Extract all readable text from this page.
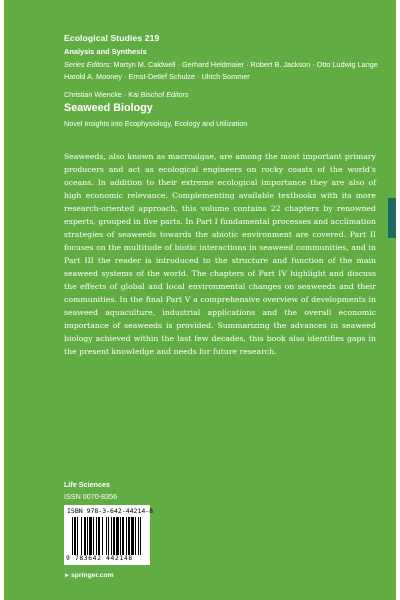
Ecological Studies 219
Analysis and Synthesis
Series Editors: Martyn M. Caldwell · Gerhard Heldmaier · Robert B. Jackson · Otto Ludwig Lange
Harold A. Mooney · Ernst-Detlef Schulze · Ulrich Sommer
Christian Wiencke · Kai Bischof Editors
Seaweed Biology
Novel Insights into Ecophysiology, Ecology and Utilization

Seaweeds, also known as macroalgae, are among the most important primary producers and act as ecological engineers on rocky coasts of the world's oceans. In addition to their extreme ecological importance they are also of high economic relevance. Complementing available textbooks with its more research-oriented approach, this volume contains 22 chapters by renowned experts, grouped in five parts. In Part I fundamental processes and acclimation strategies of seaweeds towards the abiotic environment are covered. Part II focuses on the multitude of biotic interactions in seaweed communities, and in Part III the reader is introduced to the structure and function of the main seaweed systems of the world. The chapters of Part IV highlight and discuss the effects of global and local environmental changes on seaweeds and their communities. In the final Part V a comprehensive overview of developments in seaweed aquaculture, industrial applications and the overall economic importance of seaweeds is provided. Summarizing the advances in seaweed biology achieved within the last few decades, this book also identifies gaps in the present knowledge and needs for future research.

Life Sciences
ISSN 0070-8356
ISBN 978-3-642-44214-8
9 783642 442148
►springer.com
